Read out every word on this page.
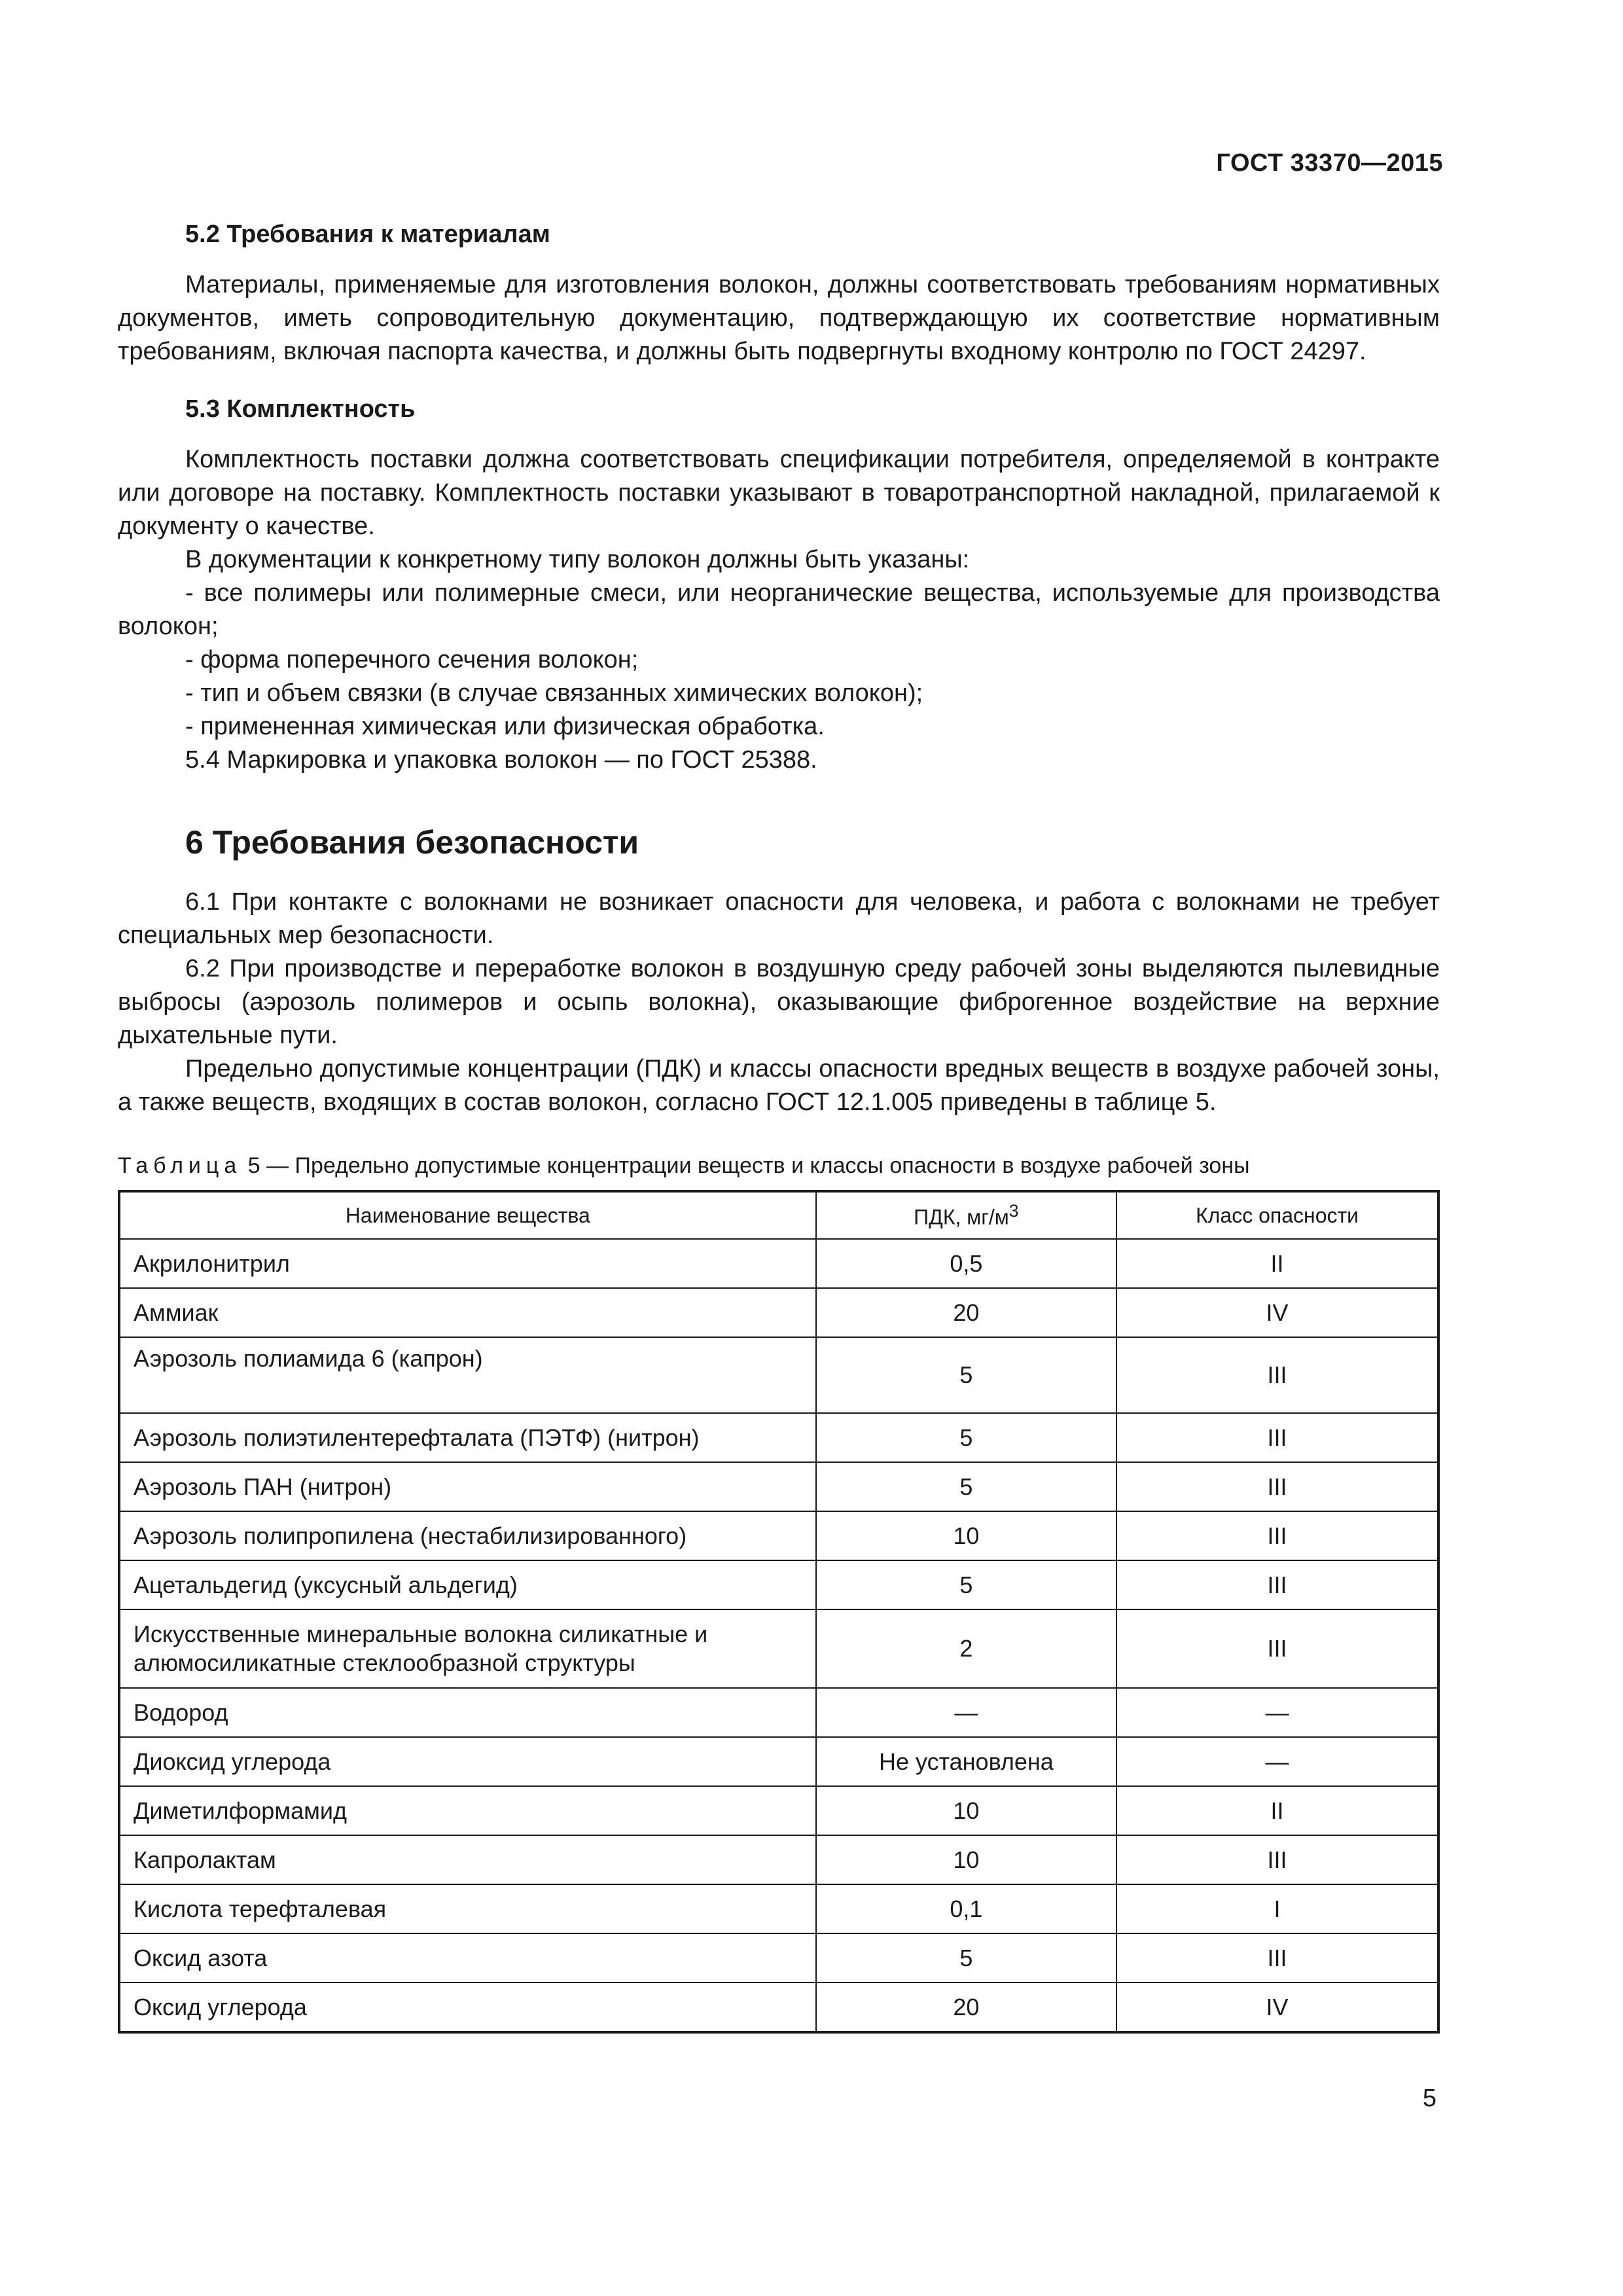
ГОСТ 33370—2015
5.2 Требования к материалам

Материалы, применяемые для изготовления волокон, должны соответствовать требованиям нормативных документов, иметь сопроводительную документацию, подтверждающую их соответствие нормативным требованиям, включая паспорта качества, и должны быть подвергнуты входному контролю по ГОСТ 24297.

5.3 Комплектность

Комплектность поставки должна соответствовать спецификации потребителя, определяемой в контракте или договоре на поставку. Комплектность поставки указывают в товаротранспортной накладной, прилагаемой к документу о качестве.

В документации к конкретному типу волокон должны быть указаны:

- все полимеры или полимерные смеси, или неорганические вещества, используемые для производства волокон;

- форма поперечного сечения волокон;

- тип и объем связки (в случае связанных химических волокон);

- примененная химическая или физическая обработка.

5.4 Маркировка и упаковка волокон — по ГОСТ 25388.

6 Требования безопасности

6.1 При контакте с волокнами не возникает опасности для человека, и работа с волокнами не требует специальных мер безопасности.

6.2 При производстве и переработке волокон в воздушную среду рабочей зоны выделяются пылевидные выбросы (аэрозоль полимеров и осыпь волокна), оказывающие фиброгенное воздействие на верхние дыхательные пути.

Предельно допустимые концентрации (ПДК) и классы опасности вредных веществ в воздухе рабочей зоны, а также веществ, входящих в состав волокон, согласно ГОСТ 12.1.005 приведены в таблице 5.

Таблица 5 — Предельно допустимые концентрации веществ и классы опасности в воздухе рабочей зоны
Наименование вещества	ПДК, $мг/м^3$	Класс опасности
Акрилонитрил	0,5	II
Аммиак	20	IV
Аэрозоль полиамида 6 (капрон)	5	III
Аэрозоль полиэтилентерефталата (ПЭТФ) (нитрон)	5	III
Аэрозоль ПАН (нитрон)	5	III
Аэрозоль полипропилена (нестабилизированного)	10	III
Ацетальдегид (уксусный альдегид)	5	III
Искусственные минеральные волокна силикатные и алюмосиликатные стеклообразной структуры	2	III
Водород	—	—
Диоксид углерода	Не установлена	—
Диметилформамид	10	II
Капролактам	10	III
Кислота терефталевая	0,1	I
Оксид азота	5	III
Оксид углерода	20	IV
5
